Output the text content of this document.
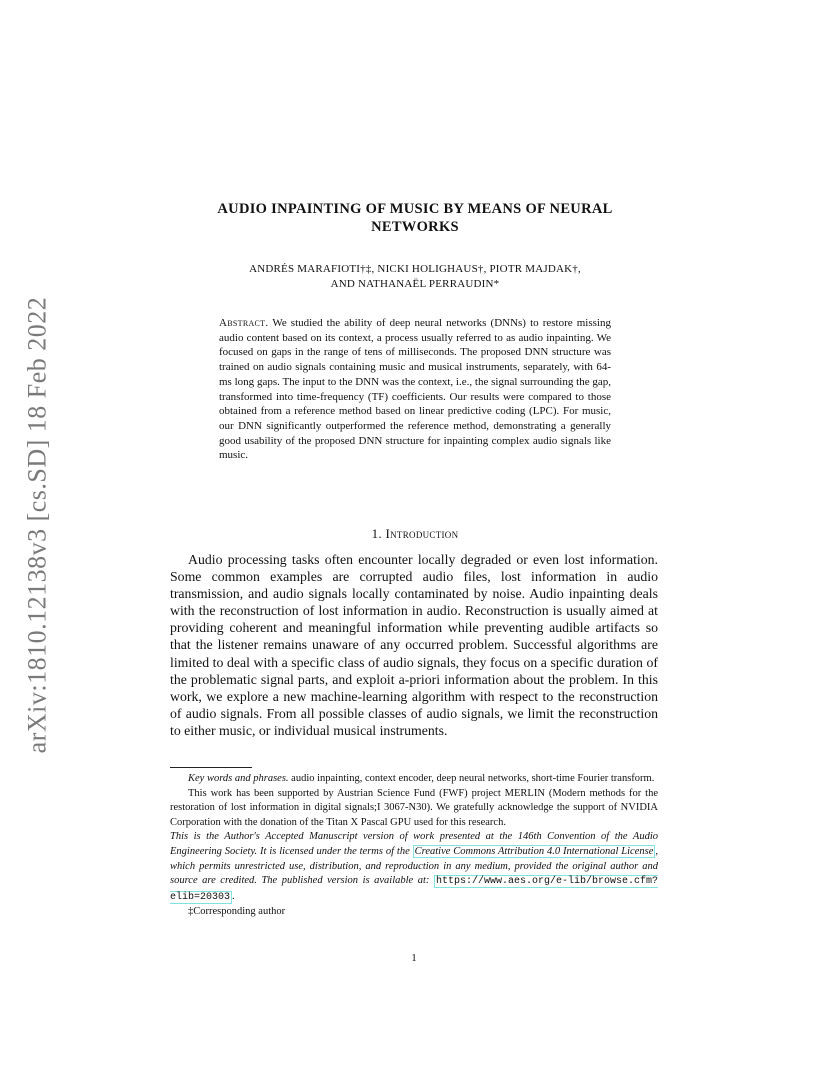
arXiv:1810.12138v3 [cs.SD] 18 Feb 2022
AUDIO INPAINTING OF MUSIC BY MEANS OF NEURAL
NETWORKS
ANDRÉS MARAFIOTI†‡, NICKI HOLIGHAUS†, PIOTR MAJDAK†,
AND NATHANAËL PERRAUDIN*
Abstract. We studied the ability of deep neural networks (DNNs) to restore missing audio content based on its context, a process usually referred to as audio inpainting. We focused on gaps in the range of tens of milliseconds. The proposed DNN structure was trained on audio signals containing music and musical instruments, separately, with 64-ms long gaps. The input to the DNN was the context, i.e., the signal surrounding the gap, transformed into time-frequency (TF) coefficients. Our results were compared to those obtained from a reference method based on linear predictive coding (LPC). For music, our DNN significantly outperformed the reference method, demonstrating a generally good usability of the proposed DNN structure for inpainting complex audio signals like music.
1. Introduction

Audio processing tasks often encounter locally degraded or even lost information. Some common examples are corrupted audio files, lost information in audio transmission, and audio signals locally contaminated by noise. Audio inpainting deals with the reconstruction of lost information in audio. Reconstruction is usually aimed at providing coherent and meaningful information while preventing audible artifacts so that the listener remains unaware of any occurred problem. Successful algorithms are limited to deal with a specific class of audio signals, they focus on a specific duration of the problematic signal parts, and exploit a-priori information about the problem. In this work, we explore a new machine-learning algorithm with respect to the reconstruction of audio signals. From all possible classes of audio signals, we limit the reconstruction to either music, or individual musical instruments.

Key words and phrases. audio inpainting, context encoder, deep neural networks, short-time Fourier transform.

This work has been supported by Austrian Science Fund (FWF) project MERLIN (Modern methods for the restoration of lost information in digital signals;I 3067-N30). We gratefully acknowledge the support of NVIDIA Corporation with the donation of the Titan X Pascal GPU used for this research.

This is the Author's Accepted Manuscript version of work presented at the 146th Convention of the Audio Engineering Society. It is licensed under the terms of the Creative Commons Attribution 4.0 International License , which permits unrestricted use, distribution, and reproduction in any medium, provided the original author and source are credited. The published version is available at: https://www.aes.org/e-lib/browse.cfm?elib=20303 .

‡Corresponding author

1
